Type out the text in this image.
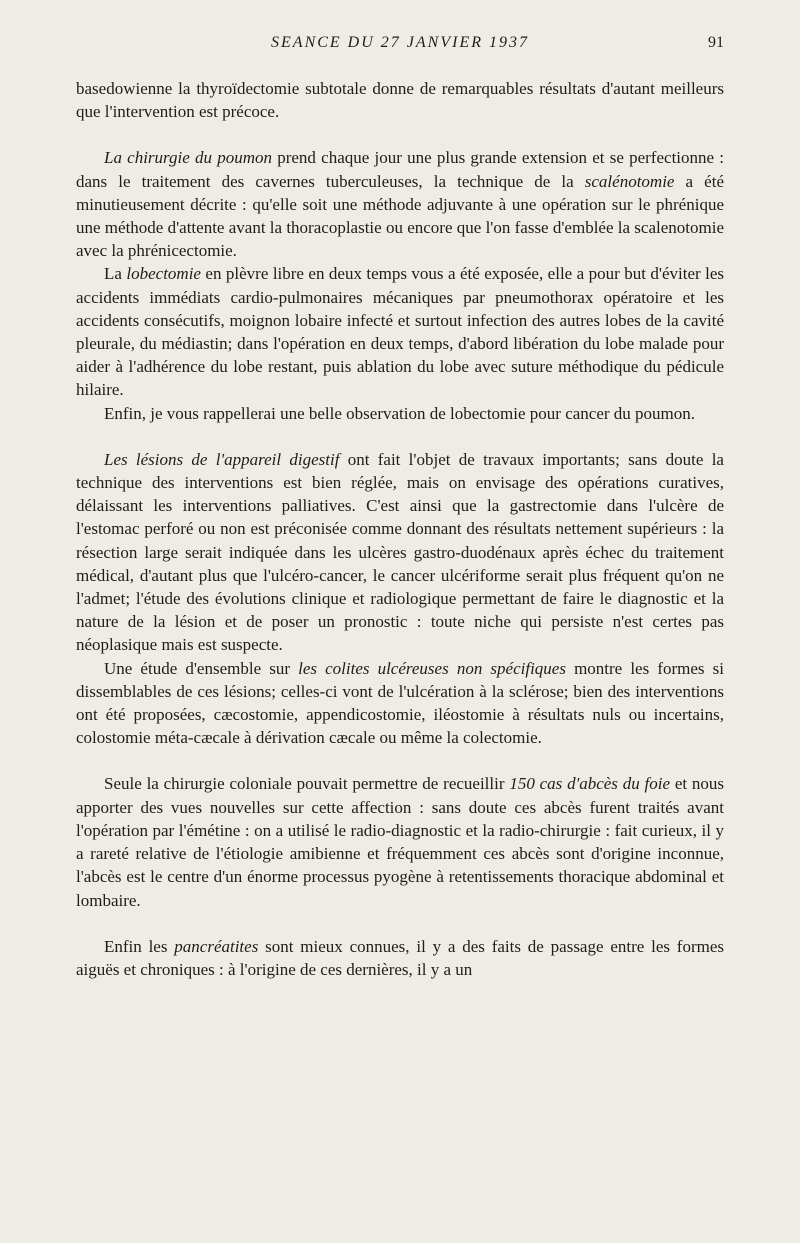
SEANCE DU 27 JANVIER 1937	91

basedowienne la thyroïdectomie subtotale donne de remarquables résultats d'autant meilleurs que l'intervention est précoce.

La chirurgie du poumon prend chaque jour une plus grande extension et se perfectionne : dans le traitement des cavernes tuberculeuses, la technique de la scalénotomie a été minutieusement décrite : qu'elle soit une méthode adjuvante à une opération sur le phrénique une méthode d'attente avant la thoracoplastie ou encore que l'on fasse d'emblée la scalenotomie avec la phrénicectomie.

La lobectomie en plèvre libre en deux temps vous a été exposée, elle a pour but d'éviter les accidents immédiats cardio-pulmonaires mécaniques par pneumothorax opératoire et les accidents consécutifs, moignon lobaire infecté et surtout infection des autres lobes de la cavité pleurale, du médiastin; dans l'opération en deux temps, d'abord libération du lobe malade pour aider à l'adhérence du lobe restant, puis ablation du lobe avec suture méthodique du pédicule hilaire.

Enfin, je vous rappellerai une belle observation de lobectomie pour cancer du poumon.

Les lésions de l'appareil digestif ont fait l'objet de travaux importants; sans doute la technique des interventions est bien réglée, mais on envisage des opérations curatives, délaissant les interventions palliatives. C'est ainsi que la gastrectomie dans l'ulcère de l'estomac perforé ou non est préconisée comme donnant des résultats nettement supérieurs : la résection large serait indiquée dans les ulcères gastro-duodénaux après échec du traitement médical, d'autant plus que l'ulcéro-cancer, le cancer ulcériforme serait plus fréquent qu'on ne l'admet; l'étude des évolutions clinique et radiologique permettant de faire le diagnostic et la nature de la lésion et de poser un pronostic : toute niche qui persiste n'est certes pas néoplasique mais est suspecte.

Une étude d'ensemble sur les colites ulcéreuses non spécifiques montre les formes si dissemblables de ces lésions; celles-ci vont de l'ulcération à la sclérose; bien des interventions ont été proposées, cæcostomie, appendicostomie, iléostomie à résultats nuls ou incertains, colostomie méta-cæcale à dérivation cæcale ou même la colectomie.

Seule la chirurgie coloniale pouvait permettre de recueillir 150 cas d'abcès du foie et nous apporter des vues nouvelles sur cette affection : sans doute ces abcès furent traités avant l'opération par l'émétine : on a utilisé le radio-diagnostic et la radio-chirurgie : fait curieux, il y a rareté relative de l'étiologie amibienne et fréquemment ces abcès sont d'origine inconnue, l'abcès est le centre d'un énorme processus pyogène à retentissements thoracique abdominal et lombaire.

Enfin les pancréatites sont mieux connues, il y a des faits de passage entre les formes aiguës et chroniques : à l'origine de ces dernières, il y a un
